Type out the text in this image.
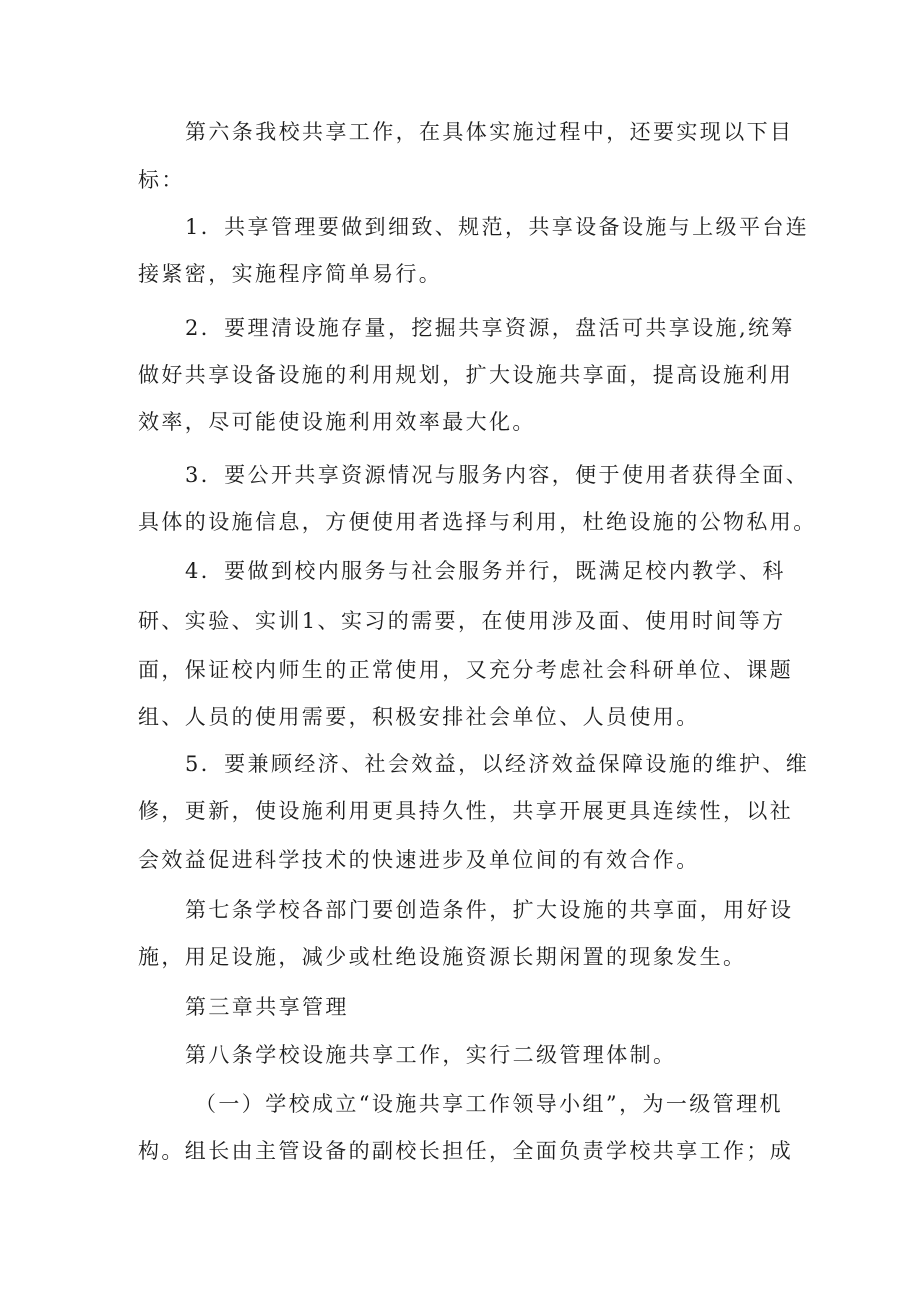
第六条我校共享工作，在具体实施过程中，还要实现以下目

标：

1．共享管理要做到细致、规范，共享设备设施与上级平台连

接紧密，实施程序简单易行。

2．要理清设施存量，挖掘共享资源，盘活可共享设施,统筹

做好共享设备设施的利用规划，扩大设施共享面，提高设施利用

效率，尽可能使设施利用效率最大化。

3．要公开共享资源情况与服务内容，便于使用者获得全面、

具体的设施信息，方便使用者选择与利用，杜绝设施的公物私用。

4．要做到校内服务与社会服务并行，既满足校内教学、科

研、实验、实训1、实习的需要，在使用涉及面、使用时间等方

面，保证校内师生的正常使用，又充分考虑社会科研单位、课题

组、人员的使用需要，积极安排社会单位、人员使用。

5．要兼顾经济、社会效益，以经济效益保障设施的维护、维

修，更新，使设施利用更具持久性，共享开展更具连续性，以社

会效益促进科学技术的快速进步及单位间的有效合作。

第七条学校各部门要创造条件，扩大设施的共享面，用好设

施，用足设施，减少或杜绝设施资源长期闲置的现象发生。

第三章共享管理

第八条学校设施共享工作，实行二级管理体制。

（一）学校成立“设施共享工作领导小组”，为一级管理机

构。组长由主管设备的副校长担任，全面负责学校共享工作；成
